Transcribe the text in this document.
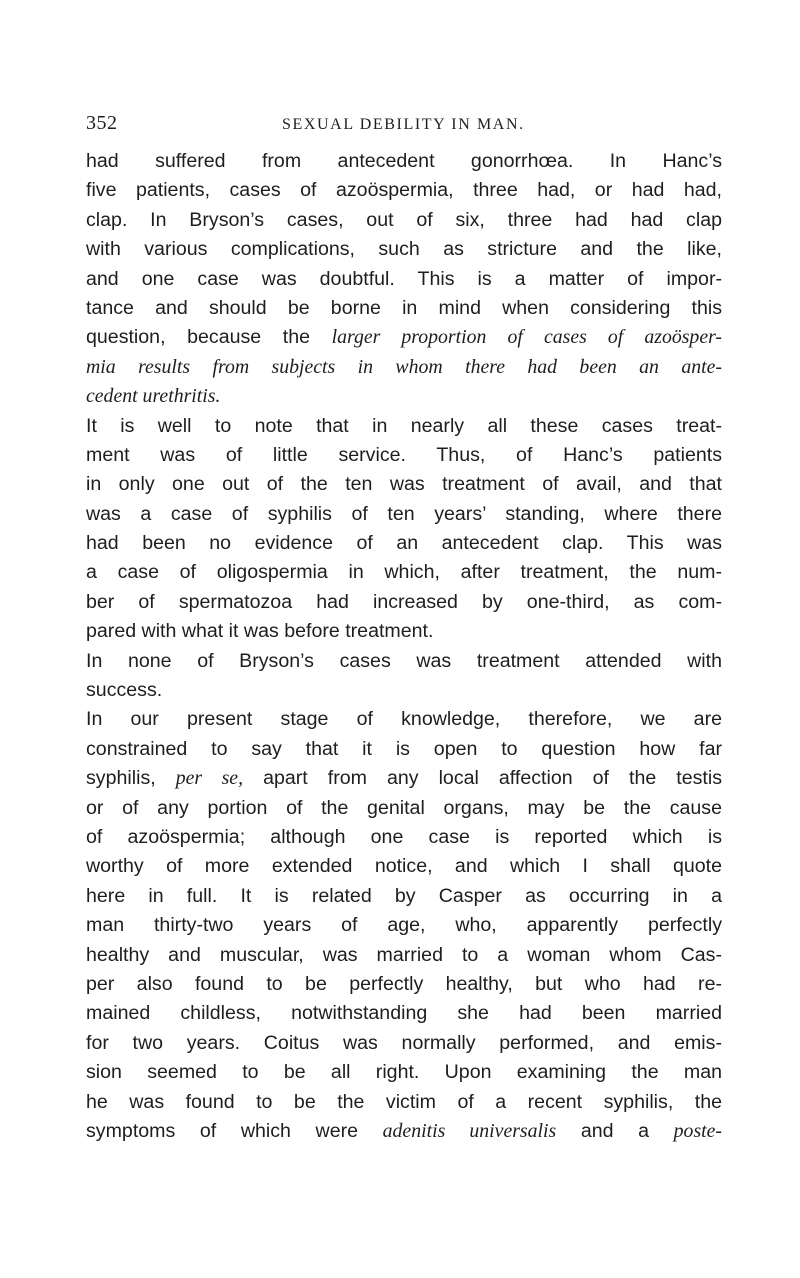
352	SEXUAL DEBILITY IN MAN.
had suffered from antecedent gonorrhœa. In Hanc’s
five patients, cases of azoöspermia, three had, or had had,
clap. In Bryson’s cases, out of six, three had had clap
with various complications, such as stricture and the like,
and one case was doubtful. This is a matter of impor-
tance and should be borne in mind when considering this
question, because the larger proportion of cases of azoösper-
mia results from subjects in whom there had been an ante-
cedent urethritis.
It is well to note that in nearly all these cases treat-
ment was of little service. Thus, of Hanc’s patients
in only one out of the ten was treatment of avail, and that
was a case of syphilis of ten years’ standing, where there
had been no evidence of an antecedent clap. This was
a case of oligospermia in which, after treatment, the num-
ber of spermatozoa had increased by one-third, as com-
pared with what it was before treatment.
In none of Bryson’s cases was treatment attended with
success.
In our present stage of knowledge, therefore, we are
constrained to say that it is open to question how far
syphilis, per se, apart from any local affection of the testis
or of any portion of the genital organs, may be the cause
of azoöspermia; although one case is reported which is
worthy of more extended notice, and which I shall quote
here in full. It is related by Casper as occurring in a
man thirty-two years of age, who, apparently perfectly
healthy and muscular, was married to a woman whom Cas-
per also found to be perfectly healthy, but who had re-
mained childless, notwithstanding she had been married
for two years. Coitus was normally performed, and emis-
sion seemed to be all right. Upon examining the man
he was found to be the victim of a recent syphilis, the
symptoms of which were adenitis universalis and a poste-
